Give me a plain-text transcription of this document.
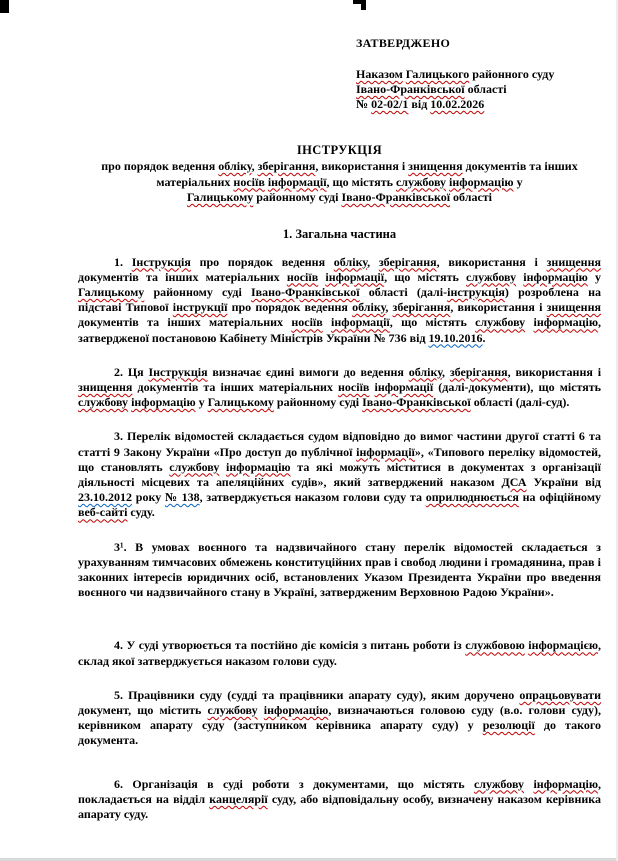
ЗАТВЕРДЖЕНО
Наказом Галицького районного суду
Івано-Франківської області
№ 02-02/1 від 10.02.2026
ІНСТРУКЦІЯ
про порядок ведення обліку, зберігання, використання і знищення документів та інших
матеріальних носіїв інформації, що містять службову інформацію у
Галицькому районному суді Івано-Франківської області
1. Загальна частина

1. Інструкція про порядок ведення обліку, зберігання, використання і знищення документів та інших матеріальних носіїв інформації, що містять службову інформацію у Галицькому районному суді Івано-Франківської області (далі-інструкція) розроблена на підставі Типової інструкції про порядок ведення обліку, зберігання, використання і знищення документів та інших матеріальних носіїв інформації, що містять службову інформацію, затвердженої постановою Кабінету Міністрів України № 736 від 19.10.2016.

2. Ця Інструкція визначає єдині вимоги до ведення обліку, зберігання, використання і знищення документів та інших матеріальних носіїв інформації (далі-документи), що містять службову інформацію у Галицькому районному суді Івано-Франківської області (далі-суд).

3. Перелік відомостей складається судом відповідно до вимог частини другої статті 6 та статті 9 Закону України «Про доступ до публічної інформації», «Типового переліку відомостей, що становлять службову інформацію та які можуть міститися в документах з організації діяльності місцевих та апеляційних судів», який затверджений наказом ДСА України від 23.10.2012 року № 138, затверджується наказом голови суду та оприлюднюється на офіційному веб-сайті суду.

3¹. В умовах воєнного та надзвичайного стану перелік відомостей складається з урахуванням тимчасових обмежень конституційних прав і свобод людини і громадянина, прав і законних інтересів юридичних осіб, встановлених Указом Президента України про введення воєнного чи надзвичайного стану в Україні, затвердженим Верховною Радою України».

4. У суді утворюється та постійно діє комісія з питань роботи із службовою інформацією, склад якої затверджується наказом голови суду.

5. Працівники суду (судді та працівники апарату суду), яким доручено опрацьовувати документ, що містить службову інформацію, визначаються головою суду (в.о. голови суду), керівником апарату суду (заступником керівника апарату суду) у резолюції до такого документа.

6. Організація в суді роботи з документами, що містять службову інформацію, покладається на відділ канцелярії суду, або відповідальну особу, визначену наказом керівника апарату суду.
